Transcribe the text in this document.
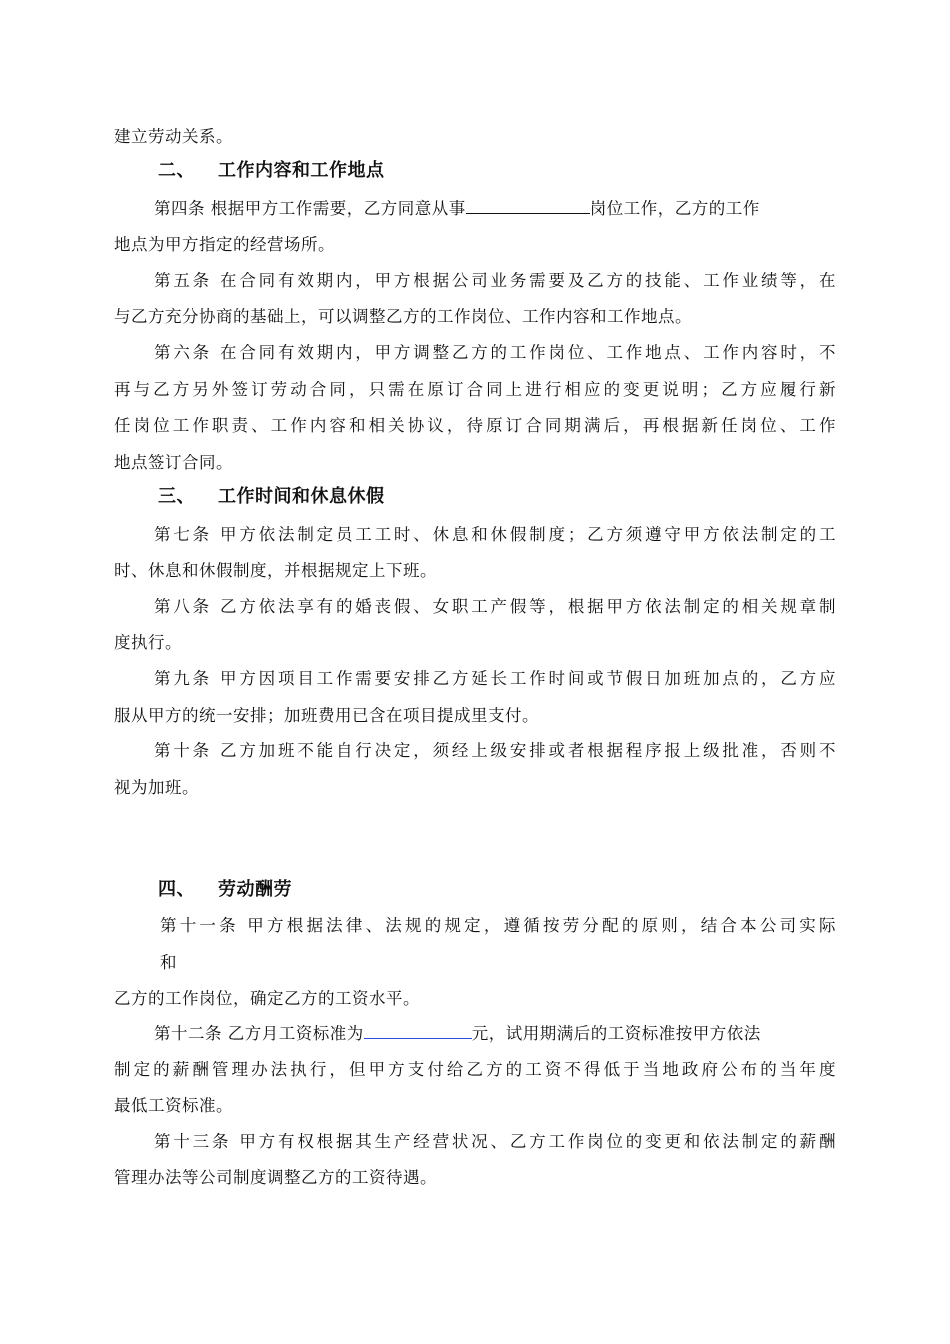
建立劳动关系。
二、 工作内容和工作地点
第四条 根据甲方工作需要，乙方同意从事	岗位工作，乙方的工作
地点为甲方指定的经营场所。
第五条 在合同有效期内，甲方根据公司业务需要及乙方的技能、工作业绩等，在
与乙方充分协商的基础上，可以调整乙方的工作岗位、工作内容和工作地点。
第六条 在合同有效期内，甲方调整乙方的工作岗位、工作地点、工作内容时，不
再与乙方另外签订劳动合同，只需在原订合同上进行相应的变更说明；乙方应履行新
任岗位工作职责、工作内容和相关协议，待原订合同期满后，再根据新任岗位、工作
地点签订合同。
三、 工作时间和休息休假
第七条 甲方依法制定员工工时、休息和休假制度；乙方须遵守甲方依法制定的工
时、休息和休假制度，并根据规定上下班。
第八条 乙方依法享有的婚丧假、女职工产假等，根据甲方依法制定的相关规章制
度执行。
第九条 甲方因项目工作需要安排乙方延长工作时间或节假日加班加点的，乙方应
服从甲方的统一安排；加班费用已含在项目提成里支付。
第十条 乙方加班不能自行决定，须经上级安排或者根据程序报上级批准，否则不
视为加班。
四、 劳动酬劳
第十一条 甲方根据法律、法规的规定，遵循按劳分配的原则，结合本公司实际
和
乙方的工作岗位，确定乙方的工资水平。
第十二条 乙方月工资标准为	元，试用期满后的工资标准按甲方依法
制定的薪酬管理办法执行，但甲方支付给乙方的工资不得低于当地政府公布的当年度
最低工资标准。
第十三条 甲方有权根据其生产经营状况、乙方工作岗位的变更和依法制定的薪酬
管理办法等公司制度调整乙方的工资待遇。
